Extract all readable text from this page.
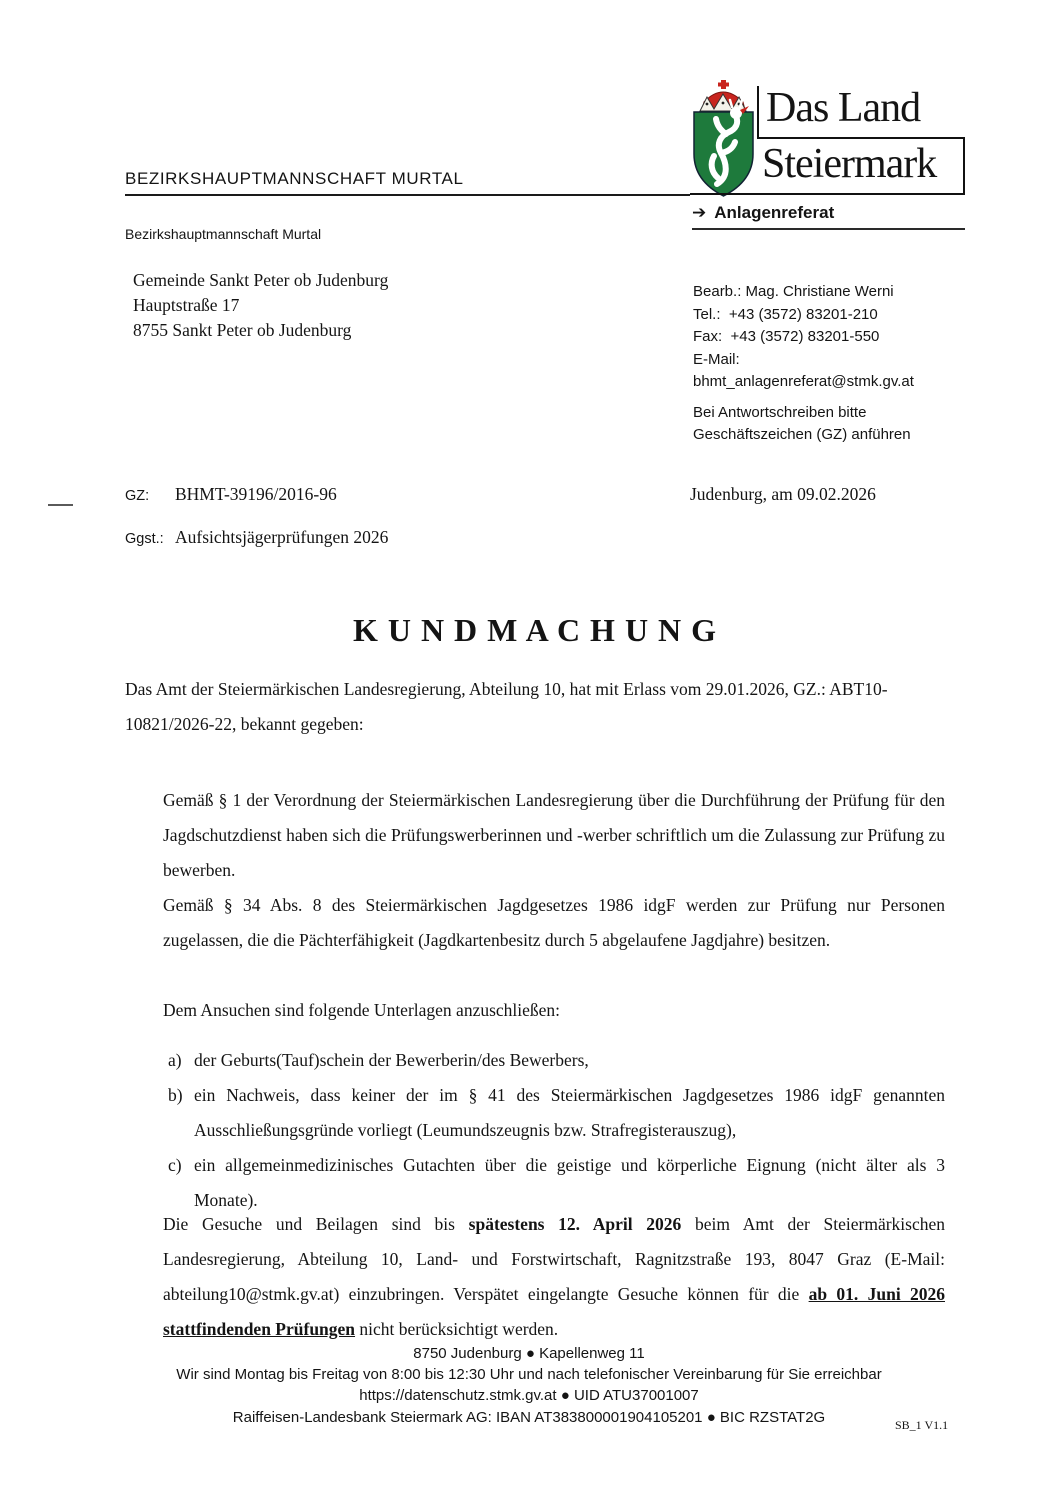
BEZIRKSHAUPTMANNSCHAFT MURTAL
Bezirkshauptmannschaft Murtal
Das Land
Steiermark
➔ Anlagenreferat
Gemeinde Sankt Peter ob Judenburg
Hauptstraße 17
8755 Sankt Peter ob Judenburg
Bearb.: Mag. Christiane Werni
Tel.:  +43 (3572) 83201-210
Fax:  +43 (3572) 83201-550
E-Mail:
bhmt_anlagenreferat@stmk.gv.at
Bei Antwortschreiben bitte
Geschäftszeichen (GZ) anführen
GZ: BHMT-39196/2016-96	Judenburg, am 09.02.2026
Ggst.: Aufsichtsjägerprüfungen 2026
K U N D M A C H U N G
Das Amt der Steiermärkischen Landesregierung, Abteilung 10, hat mit Erlass vom 29.01.2026, GZ.: ABT10-10821/2026-22, bekannt gegeben:
Gemäß § 1 der Verordnung der Steiermärkischen Landesregierung über die Durchführung der Prüfung für den Jagdschutzdienst haben sich die Prüfungswerberinnen und -werber schriftlich um die Zulassung zur Prüfung zu bewerben.
Gemäß § 34 Abs. 8 des Steiermärkischen Jagdgesetzes 1986 idgF werden zur Prüfung nur Personen zugelassen, die die Pächterfähigkeit (Jagdkartenbesitz durch 5 abgelaufene Jagdjahre) besitzen.
Dem Ansuchen sind folgende Unterlagen anzuschließen:
a) der Geburts(Tauf)schein der Bewerberin/des Bewerbers,
b) ein Nachweis, dass keiner der im § 41 des Steiermärkischen Jagdgesetzes 1986 idgF genannten Ausschließungsgründe vorliegt (Leumundszeugnis bzw. Strafregisterauszug),
c) ein allgemeinmedizinisches Gutachten über die geistige und körperliche Eignung (nicht älter als 3 Monate).
Die Gesuche und Beilagen sind bis spätestens 12. April 2026 beim Amt der Steiermärkischen Landesregierung, Abteilung 10, Land- und Forstwirtschaft, Ragnitzstraße 193, 8047 Graz (E-Mail: abteilung10@stmk.gv.at) einzubringen. Verspätet eingelangte Gesuche können für die ab 01. Juni 2026 stattfindenden Prüfungen nicht berücksichtigt werden.
8750 Judenburg ● Kapellenweg 11
Wir sind Montag bis Freitag von 8:00 bis 12:30 Uhr und nach telefonischer Vereinbarung für Sie erreichbar
https://datenschutz.stmk.gv.at ● UID ATU37001007
Raiffeisen-Landesbank Steiermark AG: IBAN AT383800001904105201 ● BIC RZSTAT2G	SB_1 V1.1
